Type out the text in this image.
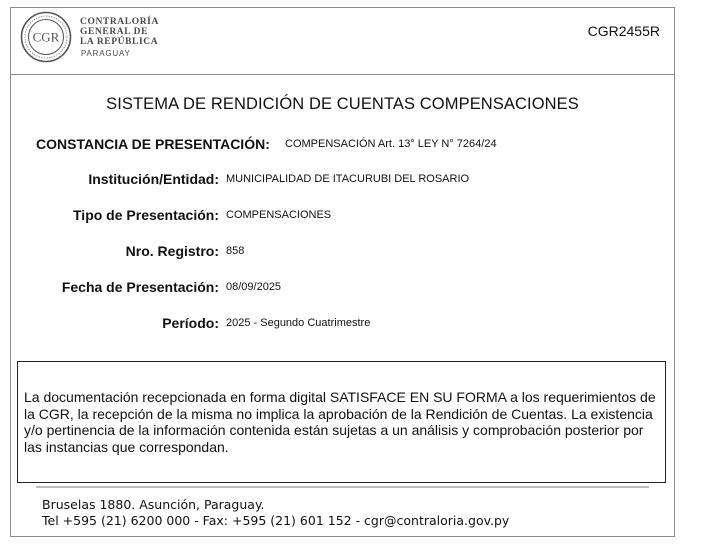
CGR
CONTRALORÍA
GENERAL DE
LA REPÚBLICA
PARAGUAY
CGR2455R
SISTEMA DE RENDICIÓN DE CUENTAS COMPENSACIONES
CONSTANCIA DE PRESENTACIÓN: COMPENSACIÓN Art. 13° LEY N° 7264/24
Institución/Entidad: MUNICIPALIDAD DE ITACURUBI DEL ROSARIO
Tipo de Presentación: COMPENSACIONES
Nro. Registro: 858
Fecha de Presentación: 08/09/2025
Período: 2025 - Segundo Cuatrimestre
La documentación recepcionada en forma digital SATISFACE EN SU FORMA a los requerimientos de la CGR, la recepción de la misma no implica la aprobación de la Rendición de Cuentas. La existencia y/o pertinencia de la información contenida están sujetas a un análisis y comprobación posterior por las instancias que correspondan.
Bruselas 1880. Asunción, Paraguay.
Tel +595 (21) 6200 000 - Fax: +595 (21) 601 152 - cgr@contraloria.gov.py
